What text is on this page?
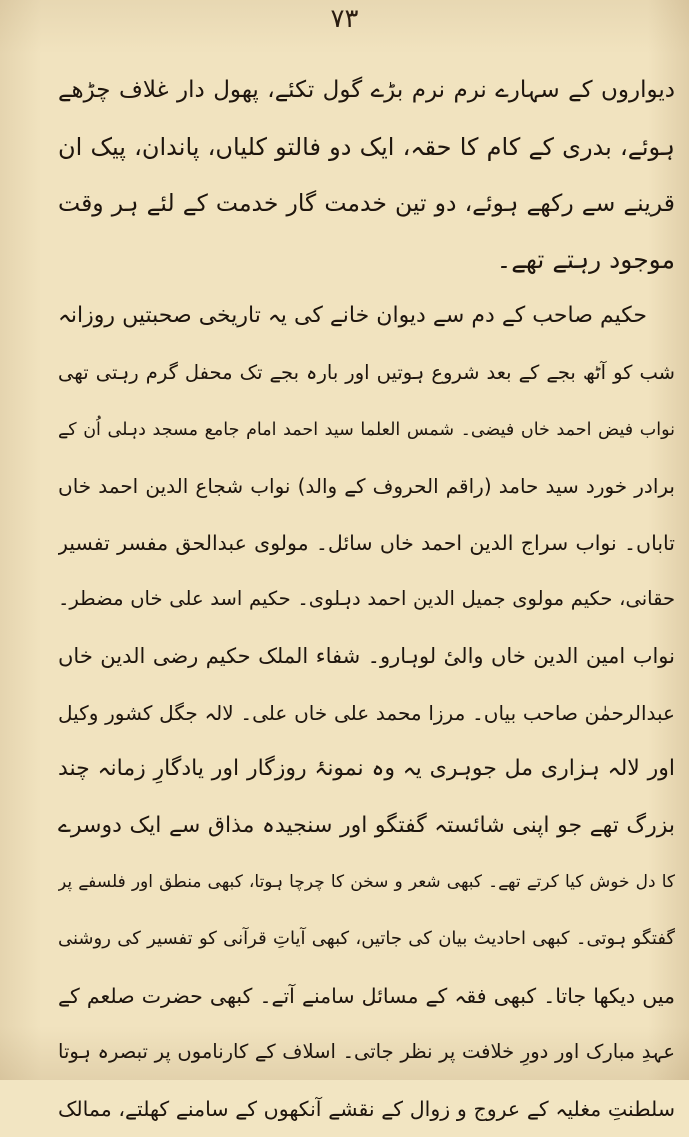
۷۳
دیواروں کے سہارے نرم نرم بڑے گول تکئے، پھول دار غلاف چڑھے
ہوئے، بدری کے کام کا حقہ، ایک دو فالتو کلیاں، پاندان، پیک ان
قرینے سے رکھے ہوئے، دو تین خدمت گار خدمت کے لئے ہر وقت
موجود رہتے تھے۔
حکیم صاحب کے دم سے دیوان خانے کی یہ تاریخی صحبتیں روزانہ
شب کو آٹھ بجے کے بعد شروع ہوتیں اور بارہ بجے تک محفل گرم رہتی تھی
نواب فیض احمد خاں فیضی۔ شمس العلما سید احمد امام جامع مسجد دہلی اُن کے
برادر خورد سید حامد (راقم الحروف کے والد) نواب شجاع الدین احمد خاں
تاباں۔ نواب سراج الدین احمد خاں سائل۔ مولوی عبدالحق مفسر تفسیر
حقانی، حکیم مولوی جمیل الدین احمد دہلوی۔ حکیم اسد علی خاں مضطر۔
نواب امین الدین خاں والیٔ لوہارو۔ شفاء الملک حکیم رضی الدین خاں
عبدالرحمٰن صاحب بیاں۔ مرزا محمد علی خاں علی۔ لالہ جگل کشور وکیل
اور لالہ ہزاری مل جوہری یہ وہ نمونۂ روزگار اور یادگارِ زمانہ چند
بزرگ تھے جو اپنی شائستہ گفتگو اور سنجیدہ مذاق سے ایک دوسرے
کا دل خوش کیا کرتے تھے۔ کبھی شعر و سخن کا چرچا ہوتا، کبھی منطق اور فلسفے پر
گفتگو ہوتی۔ کبھی احادیث بیان کی جاتیں، کبھی آیاتِ قرآنی کو تفسیر کی روشنی
میں دیکھا جاتا۔ کبھی فقہ کے مسائل سامنے آتے۔ کبھی حضرت صلعم کے
عہدِ مبارک اور دورِ خلافت پر نظر جاتی۔ اسلاف کے کارناموں پر تبصرہ ہوتا
سلطنتِ مغلیہ کے عروج و زوال کے نقشے آنکھوں کے سامنے کھلتے، ممالک
